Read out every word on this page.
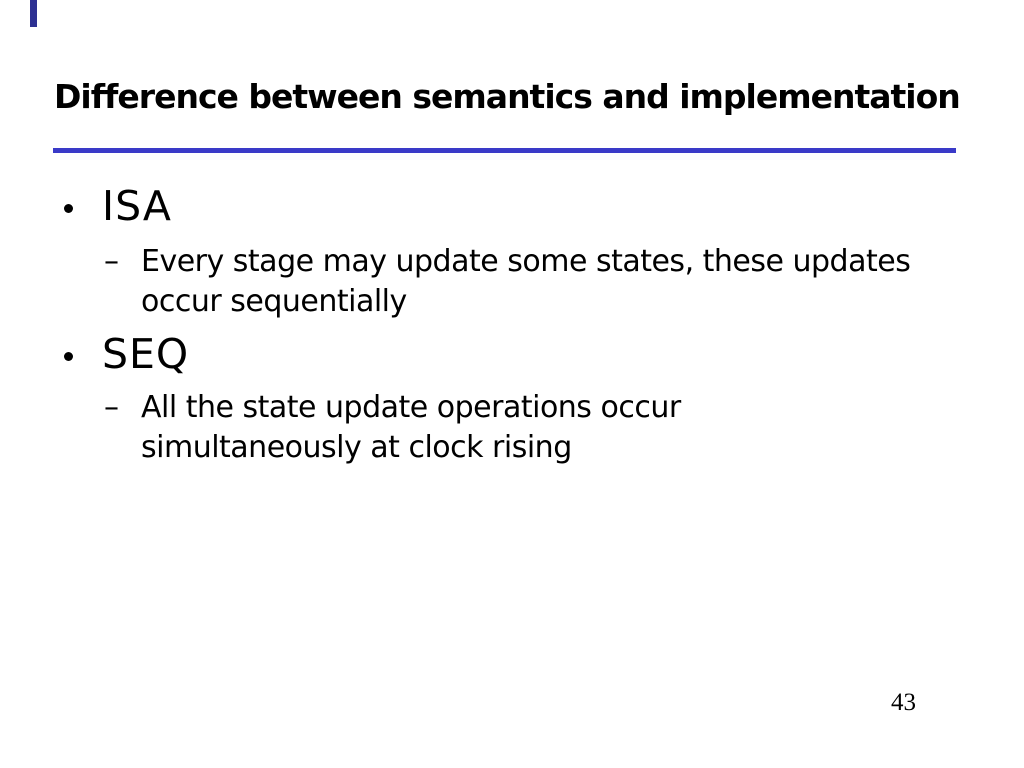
Difference between semantics and implementation
ISA
– Every stage may update some states, these updates
occur sequentially
SEQ
– All the state update operations occur
simultaneously at clock rising
43
